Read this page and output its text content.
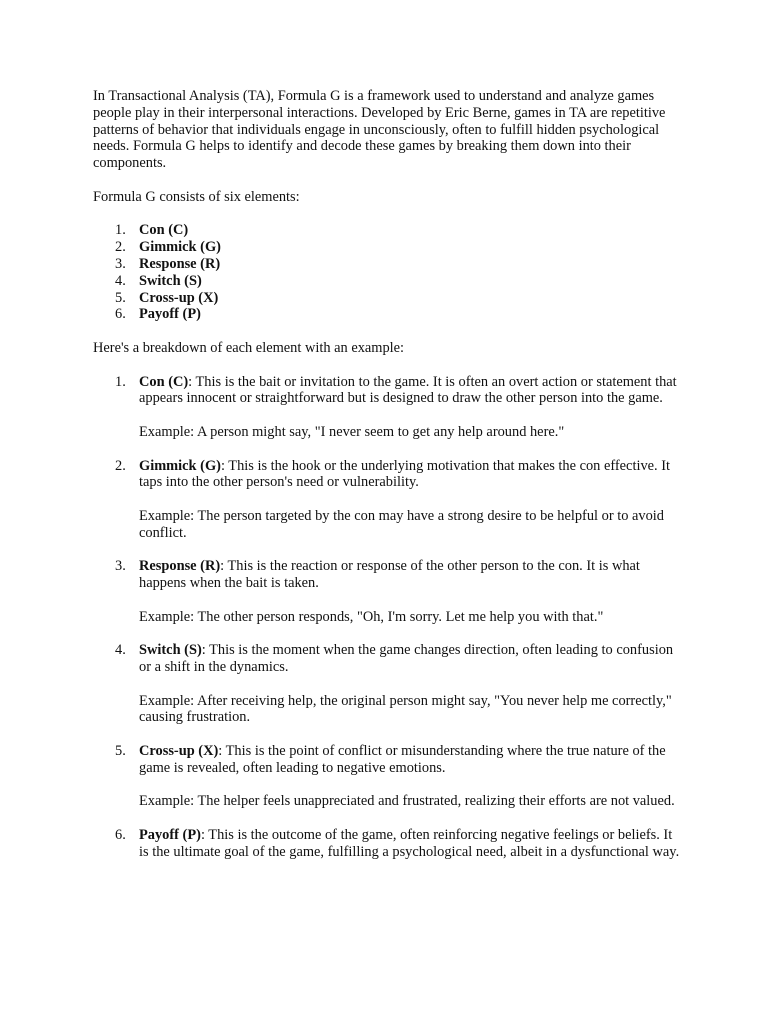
In Transactional Analysis (TA), Formula G is a framework used to understand and analyze games people play in their interpersonal interactions. Developed by Eric Berne, games in TA are repetitive patterns of behavior that individuals engage in unconsciously, often to fulfill hidden psychological needs. Formula G helps to identify and decode these games by breaking them down into their components.

Formula G consists of six elements:

1. Con (C)
2. Gimmick (G)
3. Response (R)
4. Switch (S)
5. Cross-up (X)
6. Payoff (P)

Here's a breakdown of each element with an example:

1. Con (C): This is the bait or invitation to the game. It is often an overt action or statement that appears innocent or straightforward but is designed to draw the other person into the game.

Example: A person might say, "I never seem to get any help around here."

2. Gimmick (G): This is the hook or the underlying motivation that makes the con effective. It taps into the other person's need or vulnerability.

Example: The person targeted by the con may have a strong desire to be helpful or to avoid conflict.

3. Response (R): This is the reaction or response of the other person to the con. It is what happens when the bait is taken.

Example: The other person responds, "Oh, I'm sorry. Let me help you with that."

4. Switch (S): This is the moment when the game changes direction, often leading to confusion or a shift in the dynamics.

Example: After receiving help, the original person might say, "You never help me correctly," causing frustration.

5. Cross-up (X): This is the point of conflict or misunderstanding where the true nature of the game is revealed, often leading to negative emotions.

Example: The helper feels unappreciated and frustrated, realizing their efforts are not valued.

6. Payoff (P): This is the outcome of the game, often reinforcing negative feelings or beliefs. It is the ultimate goal of the game, fulfilling a psychological need, albeit in a dysfunctional way.
